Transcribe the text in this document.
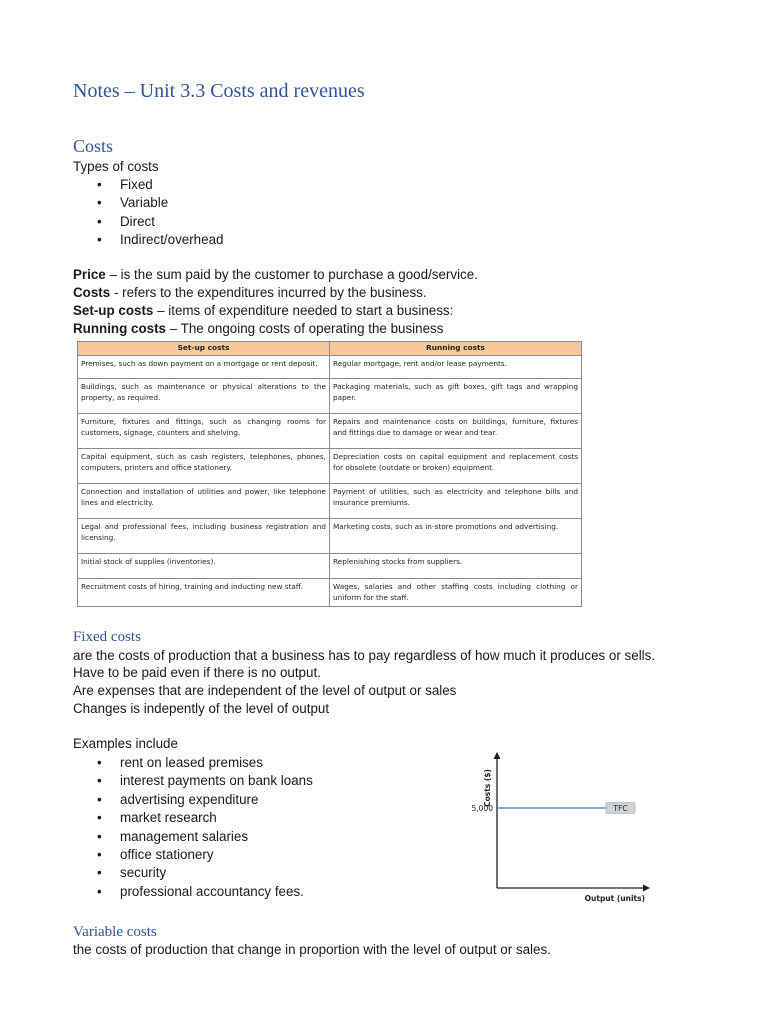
Notes – Unit 3.3 Costs and revenues
Costs
Types of costs
• Fixed
• Variable
• Direct
• Indirect/overhead
Price – is the sum paid by the customer to purchase a good/service.
Costs - refers to the expenditures incurred by the business.
Set-up costs – items of expenditure needed to start a business:
Running costs – The ongoing costs of operating the business
Set-up costs	Running costs
Premises, such as down payment on a mortgage or rent deposit.	Regular mortgage, rent and/or lease payments.
Buildings, such as maintenance or physical alterations to the property, as required.	Packaging materials, such as gift boxes, gift tags and wrapping paper.
Furniture, fixtures and fittings, such as changing rooms for customers, signage, counters and shelving.	Repairs and maintenance costs on buildings, furniture, fixtures and fittings due to damage or wear and tear.
Capital equipment, such as cash registers, telephones, phones, computers, printers and office stationery.	Depreciation costs on capital equipment and replacement costs for obsolete (outdate or broken) equipment.
Connection and installation of utilities and power, like telephone lines and electricity.	Payment of utilities, such as electricity and telephone bills and insurance premiums.
Legal and professional fees, including business registration and licensing.	Marketing costs, such as in-store promotions and advertising.
Initial stock of supplies (inventories).	Replenishing stocks from suppliers.
Recruitment costs of hiring, training and inducting new staff.	Wages, salaries and other staffing costs including clothing or uniform for the staff.
Fixed costs
are the costs of production that a business has to pay regardless of how much it produces or sells.
Have to be paid even if there is no output.
Are expenses that are independent of the level of output or sales
Changes is indepently of the level of output
Examples include
• rent on leased premises
• interest payments on bank loans
• advertising expenditure
• market research
• management salaries
• office stationery
• security
• professional accountancy fees.
Costs ($)
Output (units)
5,000	TFC
Variable costs
the costs of production that change in proportion with the level of output or sales.
